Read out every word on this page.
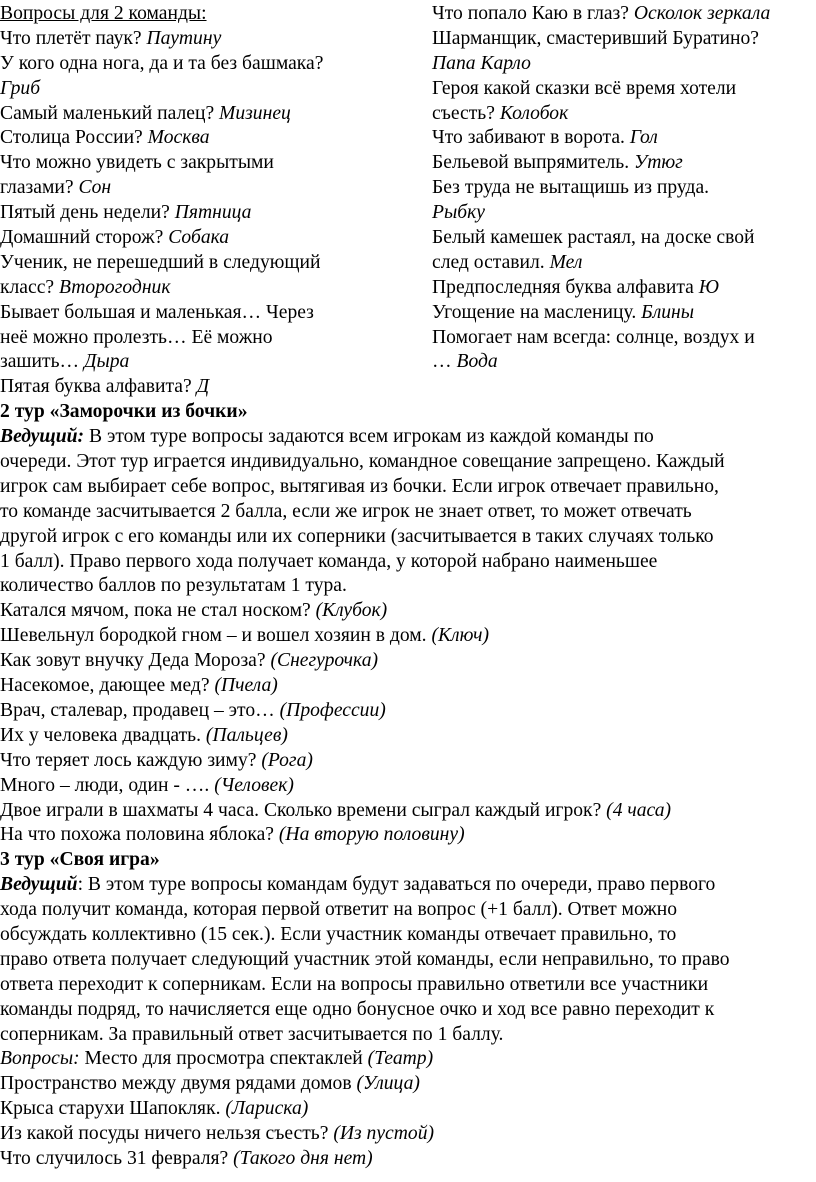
Вопросы для 2 команды:
Что плетёт паук? Паутину
У кого одна нога, да и та без башмака?
Гриб
Самый маленький палец? Мизинец
Столица России? Москва
Что можно увидеть с закрытыми
глазами? Сон
Пятый день недели? Пятница
Домашний сторож? Собака
Ученик, не перешедший в следующий
класс? Второгодник
Бывает большая и маленькая… Через
неё можно пролезть… Её можно
зашить… Дыра
Пятая буква алфавита? Д
Что попало Каю в глаз? Осколок зеркала
Шарманщик, смастеривший Буратино?
Папа Карло
Героя какой сказки всё время хотели
съесть? Колобок
Что забивают в ворота. Гол
Бельевой выпрямитель. Утюг
Без труда не вытащишь из пруда.
Рыбку
Белый камешек растаял, на доске свой
след оставил. Мел
Предпоследняя буква алфавита Ю
Угощение на масленицу. Блины
Помогает нам всегда: солнце, воздух и
… Вода
2 тур «Заморочки из бочки»
Ведущий: В этом туре вопросы задаются всем игрокам из каждой команды по
очереди. Этот тур играется индивидуально, командное совещание запрещено. Каждый
игрок сам выбирает себе вопрос, вытягивая из бочки. Если игрок отвечает правильно,
то команде засчитывается 2 балла, если же игрок не знает ответ, то может отвечать
другой игрок с его команды или их соперники (засчитывается в таких случаях только
1 балл). Право первого хода получает команда, у которой набрано наименьшее
количество баллов по результатам 1 тура.
Катался мячом, пока не стал носком? (Клубок)
Шевельнул бородкой гном – и вошел хозяин в дом. (Ключ)
Как зовут внучку Деда Мороза? (Снегурочка)
Насекомое, дающее мед? (Пчела)
Врач, сталевар, продавец – это… (Профессии)
Их у человека двадцать. (Пальцев)
Что теряет лось каждую зиму? (Рога)
Много – люди, один - …. (Человек)
Двое играли в шахматы 4 часа. Сколько времени сыграл каждый игрок? (4 часа)
На что похожа половина яблока? (На вторую половину)
3 тур «Своя игра»
Ведущий: В этом туре вопросы командам будут задаваться по очереди, право первого
хода получит команда, которая первой ответит на вопрос (+1 балл). Ответ можно
обсуждать коллективно (15 сек.). Если участник команды отвечает правильно, то
право ответа получает следующий участник этой команды, если неправильно, то право
ответа переходит к соперникам. Если на вопросы правильно ответили все участники
команды подряд, то начисляется еще одно бонусное очко и ход все равно переходит к
соперникам. За правильный ответ засчитывается по 1 баллу.
Вопросы: Место для просмотра спектаклей (Театр)
Пространство между двумя рядами домов (Улица)
Крыса старухи Шапокляк. (Лариска)
Из какой посуды ничего нельзя съесть? (Из пустой)
Что случилось 31 февраля? (Такого дня нет)
